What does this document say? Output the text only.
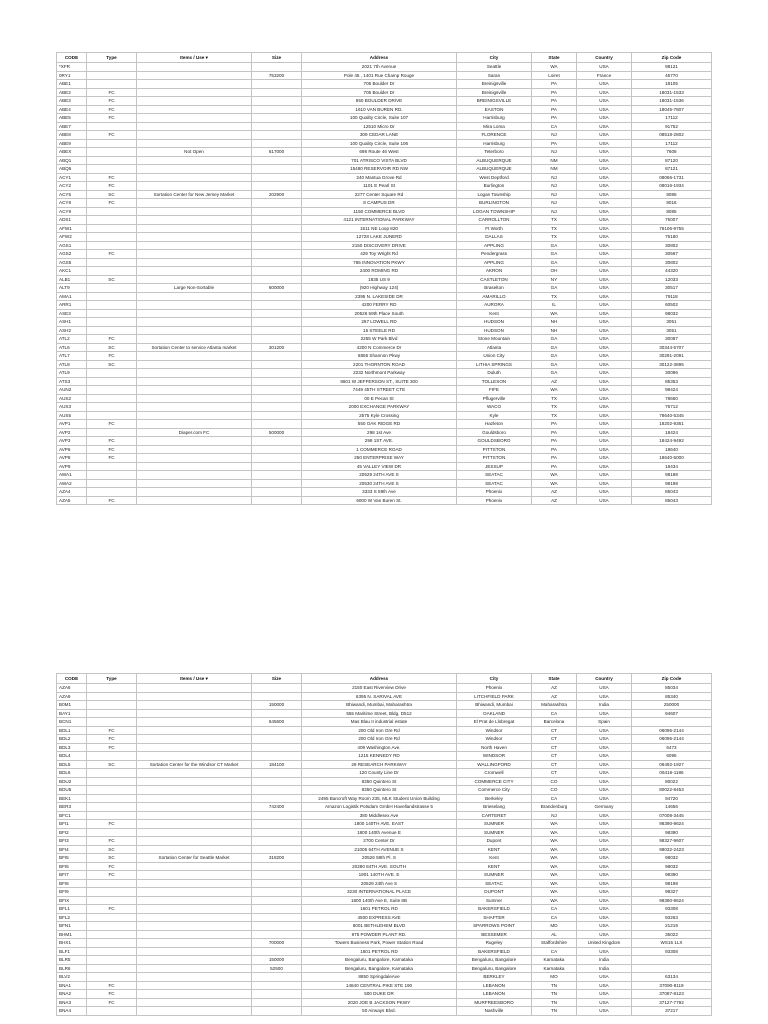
CODE	Type	Items / Use ▾	Size	Address	City	State	Country	Zip Code
*XFR				2021 7th Avenue	Seattle	WA	USA	98121
0RY1			753200	Pole 45 , 1401 Rue Champ Rouge	Saran	Loiret	France	45770
ABE1				705 Boulder Dr	Breinigsville	PA	USA	18105
ABE2	FC			705 Boulder Dr	Breinigsville	PA	USA	18031-1533
ABE3	FC			650 BOULDER DRIVE	BREINIGSVILLE	PA	USA	18031-1536
ABE4	FC			1610 VAN BUREN RD.	EASTON	PA	USA	18045-7807
ABE5	FC			100 Quality Circle, Suite 107	Harrisburg	PA	USA	17112
ABE7				12510 Micro Dr	Mira Loma	CA	USA	91752
ABE8	FC			309 CEDAR LANE	FLORENCE	NJ	USA	08518-2802
ABE9				100 Quality Circle, Suite 106	Harrisburg	PA	USA	17112
ABEX		Not Open	617000	698 Route 46 West	Teterboro	NJ	USA	7608
ABQ1				701 ATRISCO VISTA BLVD	ALBUQUERQUE	NM	USA	87120
ABQ5				15480 RESERVOIR RD NW	ALBUQUERQUE	NM	USA	87121
ACY1	FC			240 Mantua Grove Rd	West Deptford	NJ	USA	08066-1731
ACY2	FC			1101 E Pearl St	Burlington	NJ	USA	08016-1934
ACY5	SC	Sortation Center for New Jersey Market	202900	2277 Center Square Rd	Logan Township	NJ	USA	8085
ACY8	FC			8 CAMPUS DR	BURLINGTON	NJ	USA	8016
ACY9				1150 COMMERCE BLVD	LOGAN TOWNSHIP	NJ	USA	8085
ADS1				4121 INTERNATIONAL PARKWAY	CARROLLTON	TX	USA	75007
AFW1				1511 NE Loop 820	Ft Worth	TX	USA	76106-9755
AFW2				12728 LAKE JUNERD	DALLAS	TX	USA	75180
AGS1				2150 DISCOVERY DRIVE	APPLING	GA	USA	30802
AGS2	FC			429 Toy Wright Rd	Pendergrass	GA	USA	30567
AGS5				785 INNOVATION PKWY	APPLING	GA	USA	30802
AKC1				2400 ROMING RD	AKRON	OH	USA	44320
ALB1	SC			1835 US 9	CASTLETON	NY	USA	12033
ALT9		Large Non-Sortable	600000	(920 Highway 124)	Braselton	GA	USA	30517
AMA1				2395 N. LAKESIDE DR	AMARILLO	TX	USA	79118
ARR1				4200 FERRY RD	AURORA	IL	USA	60502
ASE3				20526 59th Place South	Kent	WA	USA	98032
ASH1				267 LOWELL RD	HUDSON	NH	USA	3051
ASH2				15 STEELE RD	HUDSON	NH	USA	3051
ATL2	FC			2255 W Park Blvd	Stone Mountain	GA	USA	30087
ATL6	SC	Sortation Center to service Atlanta market	301200	4200 N Commerce Dr	Atlanta	GA	USA	30344-5707
ATL7	FC			6855 Shannon Pkwy	Union City	GA	USA	30291-2091
ATL8	SC			2201 THORNTON ROAD	LITHIA SPRINGS	GA	USA	30122-3895
ATL9				2232 Northmont Parkway	Duluth	GA	USA	30096
ATS3				8601 W JEFFERSON ST., SUITE 300	TOLLESON	AZ	USA	85353
AUN2				7449 45TH STREET CTE	FIFE	WA	USA	98424
AUS2				00 E Pecan St	Pflugerville	TX	USA	78660
AUS3				2000 EXCHANGE PARKWAY	WACO	TX	USA	76712
AUS5				2575 Kyle Crossing	Kyle	TX	USA	78640-5345
AVP1	FC			550 OAK RIDGE RD	Hazleton	PA	USA	18202-9361
AVP2		Diaper.com FC	500000	298 1st Ave	Gouldsboro	PA	USA	18424
AVP3	FC			298 1ST AVE.	GOULDSBORO	PA	USA	18424-9492
AVP6	FC			1 COMMERCE ROAD	PITTSTON	PA	USA	18640
AVP8	FC			250 ENTERPRISE WAY	PITTSTON	PA	USA	18640-5000
AVP9				45 VALLEY VIEW DR	JESSUP	PA	USA	18434
AWA1				20529 24TH AVE S	SEATAC	WA	USA	98198
AWA2				20530 24TH AVE S	SEATAC	WA	USA	98198
AZA4				3333 S 59th Ave	Phoenix	AZ	USA	85043
AZA5	FC			6000 W Van Buren St.	Phoenix	AZ	USA	85043
CODE	Type	Items / Use ▾	Size	Address	City	State	Country	Zip Code
AZA6				2150 East Riverview Drive	Phoenix	AZ	USA	85034
AZA9				6395 N. SARIVAL AVE	LITCHFIELD PARK	AZ	USA	85340
B0M1			150000	Bhiwandi, Mumbai, Maharashtra	Bhiwandi, Mumbai	Maharashtra	India	250000
BAY1				555 Maritime Street, Bldg. D512	OAKLAND	CA	USA	94607
BCN1			645600	Mas Blau II industrial estate	El Prat de Llobregat	Barcelona	Spain	
BDL1	FC			200 Old Iron Ore Rd	Windsor	CT	USA	06095-2144
BDL2	FC			200 Old Iron Ore Rd	Windsor	CT	USA	06095-2144
BDL3	FC			409 Washington Ave.	North Haven	CT	USA	6473
BDL4				1215 KENNEDY RD	WINDSOR	CT	USA	6095
BDL5	SC	Sortation Center for the Windsor CT Market	184100	29 RESEARCH PARKWAY	WALLINGFORD	CT	USA	06492-1927
BDL6				120 County Line Dr	Cromwell	CT	USA	06416-1186
BDU2				8350 Quintero St	COMMERCE CITY	CO	USA	80022
BDU5				8350 Quintero St	Commerce City	CO	USA	80022-8453
BEK1				2495 Bancroft Way Room 235, MLK Student Union Building	Berkeley	CA	USA	94720
BER3			742400	Amazon Logistik Potsdam GmbH Havellandstrasse 5	Brieselang	Brandenburg	Germany	14656
BFC1				380 Middlesex Ave	CARTERET	NJ	USA	07008-3445
BFI1	FC			1800 140TH AVE. EAST	SUMNER	WA	USA	98390-9624
BFI2				1800 140th Avenue E	SUMNER	WA	USA	98390
BFI3	FC			2700 Center Dr	Dupont	WA	USA	98327-9607
BFI4	SC			21005 64TH AVENUE S	KENT	WA	USA	98032-2423
BFI5	SC	Sortation Center for Seattle Market	318200	20526 59th Pl. S	Kent	WA	USA	98032
BFI6	FC			20280 84TH AVE. SOUTH	KENT	WA	USA	98032
BFI7	FC			1901 140TH AVE. E	SUMNER	WA	USA	98390
BFI8				20529 24th Ave S	SEATAC	WA	USA	98198
BFI9				3230 INTERNATIONAL PLACE	DUPONT	WA	USA	98327
BFIX				1800 140th Ave E, Suite 8B	Sumner	WA	USA	98390-9624
BFL1	FC			1601 PETROL RD	BAKERSFIELD	CA	USA	93308
BFL2				4500 EXPRESS AVE	SHAFTER	CA	USA	93263
BFN1				6001 BETHLEHEM BLVD	SPARROWS POINT	MD	USA	21219
BHM1				975 POWDER PLANT RD.	BESSEMER	AL	USA	35022
BHX1			700000	Towers Business Park, Power Station Road	Rugeley	Staffordshire	United Kingdom	WS15 1LX
BLF1				1601 PETROL RD	BAKERSFIELD	CA	USA	93308
BLR5			150000	Bengaluru, Bangalore, Karnataka	Bengaluru, Bangalore	Karnataka	India	
BLR6			52500	Bengaluru, Bangalore, Karnataka	Bengaluru, Bangalore	Karnataka	India	
BLV2				8850 SpringdaleAve	BERKLEY	MO	USA	63134
BNA1	FC			14840 CENTRAL PIKE STE 190	LEBANON	TN	USA	37090-8119
BNA2	FC			500 DUKE DR	LEBANON	TN	USA	37087-8123
BNA3	FC			2020 JOE B JACKSON PKWY	MURFREESBORO	TN	USA	37127-7792
BNA4				50 Airways Blvd.	Nashville	TN	USA	37217
